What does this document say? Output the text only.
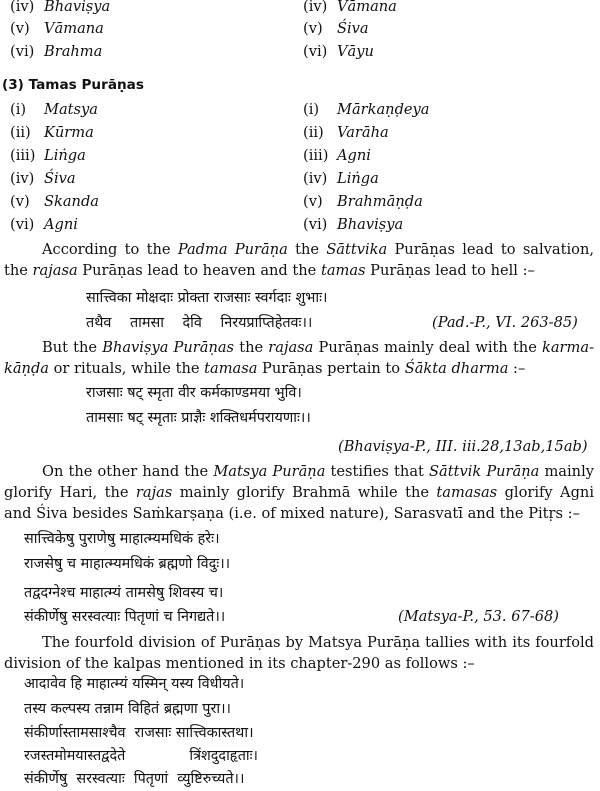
(iv) Bhaviṣya
(v) Vāmana
(vi) Brahma
(iv) Vāmana
(v) Śiva
(vi) Vāyu
(3) Tamas Purāṇas
(i) Matsya
(ii) Kūrma
(iii) Liṅga
(iv) Śiva
(v) Skanda
(vi) Agni
(i) Mārkaṇḍeya
(ii) Varāha
(iii) Agni
(iv) Liṅga
(v) Brahmāṇḍa
(vi) Bhaviṣya

According to the Padma Purāṇa the Sāttvika Purāṇas lead to salvation, the rajasa Purāṇas lead to heaven and the tamas Purāṇas lead to hell :–

सात्त्विका मोक्षदाः प्रोक्ता राजसाः स्वर्गदाः शुभाः।
तथैव तामसा देवि निरयप्राप्तिहेतवः।।	(Pad.-P., VI. 263-85)

But the Bhaviṣya Purāṇas the rajasa Purāṇas mainly deal with the karma-kāṇḍa or rituals, while the tamasa Purāṇas pertain to Śākta dharma :–

राजसाः षट् स्मृता वीर कर्मकाण्डमया भुवि।
तामसाः षट् स्मृताः प्राज्ञैः शक्तिधर्मपरायणाः।।
(Bhaviṣya-P., III. iii.28,13ab,15ab)

On the other hand the Matsya Purāṇa testifies that Sāttvik Purāṇa mainly glorify Hari, the rajas mainly glorify Brahmā while the tamasas glorify Agni and Śiva besides Saṁkarṣaṇa (i.e. of mixed nature), Sarasvatī and the Pitṛs :–

सात्त्विकेषु पुराणेषु माहात्म्यमधिकं हरेः।
राजसेषु च माहात्म्यमधिकं ब्रह्मणो विदुः।।
तद्वदग्नेश्च माहात्म्यं तामसेषु शिवस्य च।
संकीर्णेषु सरस्वत्याः पितृणां च निगद्यते।।	(Matsya-P., 53. 67-68)

The fourfold division of Purāṇas by Matsya Purāṇa tallies with its fourfold division of the kalpas mentioned in its chapter-290 as follows :–

आदावेव हि माहात्म्यं यस्मिन् यस्य विधीयते।
तस्य कल्पस्य तन्नाम विहितं ब्रह्मणा पुरा।।
संकीर्णास्तामसाश्चैव  राजसाः सात्त्विकास्तथा।
रजस्तमोमयास्तद्वदेते              त्रिंशदुदाहृताः।
संकीर्णेषु  सरस्वत्याः  पितृणां  व्युष्टिरुच्यते।।
